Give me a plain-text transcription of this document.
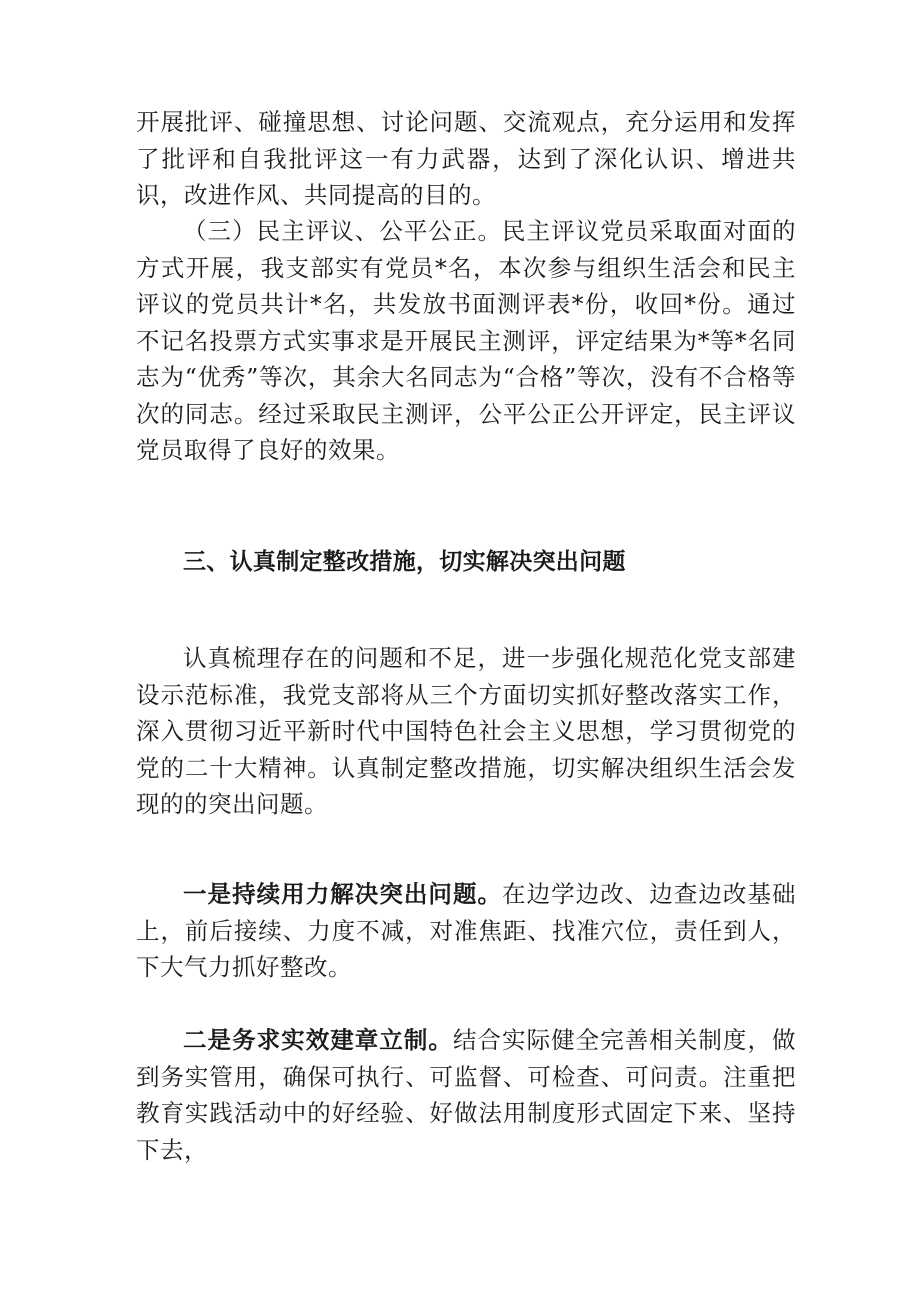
开展批评、碰撞思想、讨论问题、交流观点，充分运用和发挥了批评和自我批评这一有力武器，达到了深化认识、增进共识，改进作风、共同提高的目的。

（三）民主评议、公平公正。民主评议党员采取面对面的方式开展，我支部实有党员*名，本次参与组织生活会和民主评议的党员共计*名，共发放书面测评表*份，收回*份。通过不记名投票方式实事求是开展民主测评，评定结果为*等*名同志为“优秀”等次，其余大名同志为“合格”等次，没有不合格等次的同志。经过采取民主测评，公平公正公开评定，民主评议党员取得了良好的效果。

三、认真制定整改措施，切实解决突出问题

认真梳理存在的问题和不足，进一步强化规范化党支部建设示范标准，我党支部将从三个方面切实抓好整改落实工作，深入贯彻习近平新时代中国特色社会主义思想，学习贯彻党的党的二十大精神。认真制定整改措施，切实解决组织生活会发现的的突出问题。

一是持续用力解决突出问题。在边学边改、边查边改基础上，前后接续、力度不减，对准焦距、找准穴位，责任到人，下大气力抓好整改。

二是务求实效建章立制。结合实际健全完善相关制度，做到务实管用，确保可执行、可监督、可检查、可问责。注重把教育实践活动中的好经验、好做法用制度形式固定下来、坚持下去，
